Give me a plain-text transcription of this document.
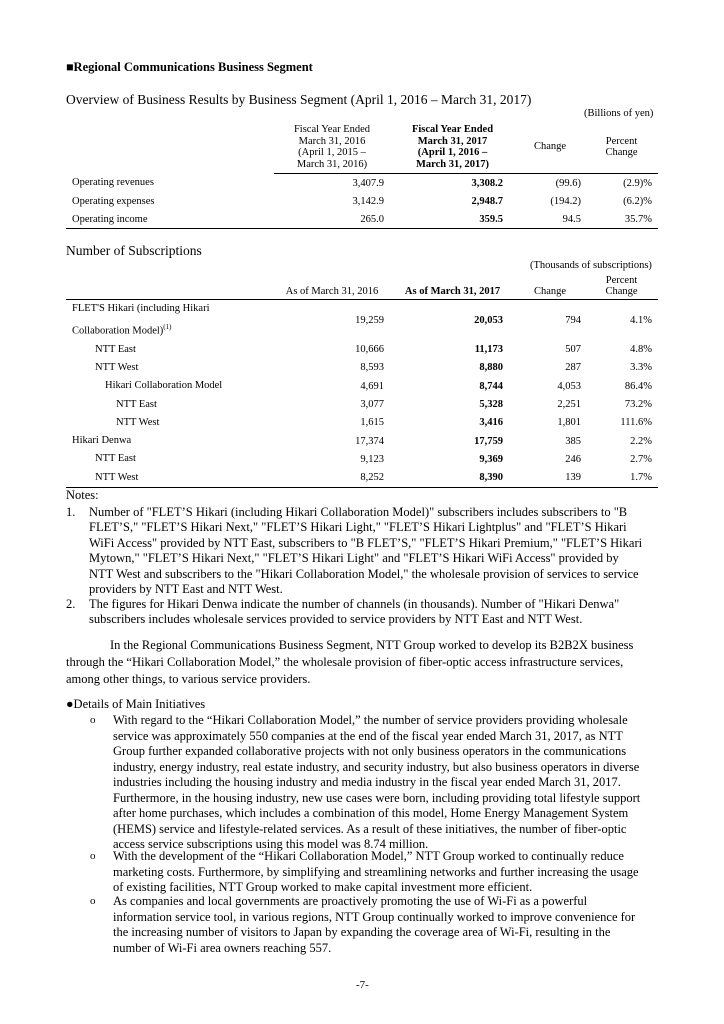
■Regional Communications Business Segment
Overview of Business Results by Business Segment (April 1, 2016 – March 31, 2017)
(Billions of yen)
	Fiscal Year Ended
March 31, 2016
(April 1, 2015 –
March 31, 2016)	Fiscal Year Ended
March 31, 2017
(April 1, 2016 –
March 31, 2017)	Change	Percent
Change
Operating revenues	3,407.9	3,308.2	(99.6)	(2.9)%
Operating expenses	3,142.9	2,948.7	(194.2)	(6.2)%
Operating income	265.0	359.5	94.5	35.7%
Number of Subscriptions
(Thousands of subscriptions)
	As of March 31, 2016	As of March 31, 2017	Change	Percent
Change
FLET'S Hikari (including Hikari
Collaboration Model)$^{(1)}$	19,259	20,053	794	4.1%
NTT East	10,666	11,173	507	4.8%
NTT West	8,593	8,880	287	3.3%
Hikari Collaboration Model	4,691	8,744	4,053	86.4%
NTT East	3,077	5,328	2,251	73.2%
NTT West	1,615	3,416	1,801	111.6%
Hikari Denwa	17,374	17,759	385	2.2%
NTT East	9,123	9,369	246	2.7%
NTT West	8,252	8,390	139	1.7%
Notes:
1. Number of "FLET’S Hikari (including Hikari Collaboration Model)" subscribers includes subscribers to "B
FLET’S," "FLET’S Hikari Next," "FLET’S Hikari Light," "FLET’S Hikari Lightplus" and "FLET’S Hikari
WiFi Access" provided by NTT East, subscribers to "B FLET’S," "FLET’S Hikari Premium," "FLET’S Hikari
Mytown," "FLET’S Hikari Next," "FLET’S Hikari Light" and "FLET’S Hikari WiFi Access" provided by
NTT West and subscribers to the "Hikari Collaboration Model," the wholesale provision of services to service
providers by NTT East and NTT West.
2. The figures for Hikari Denwa indicate the number of channels (in thousands). Number of "Hikari Denwa"
subscribers includes wholesale services provided to service providers by NTT East and NTT West.
In the Regional Communications Business Segment, NTT Group worked to develop its B2B2X business
through the “Hikari Collaboration Model,” the wholesale provision of fiber-optic access infrastructure services,
among other things, to various service providers.
●Details of Main Initiatives
o With regard to the “Hikari Collaboration Model,” the number of service providers providing wholesale
service was approximately 550 companies at the end of the fiscal year ended March 31, 2017, as NTT
Group further expanded collaborative projects with not only business operators in the communications
industry, energy industry, real estate industry, and security industry, but also business operators in diverse
industries including the housing industry and media industry in the fiscal year ended March 31, 2017.
Furthermore, in the housing industry, new use cases were born, including providing total lifestyle support
after home purchases, which includes a combination of this model, Home Energy Management System
(HEMS) service and lifestyle-related services. As a result of these initiatives, the number of fiber-optic
access service subscriptions using this model was 8.74 million.
o With the development of the “Hikari Collaboration Model,” NTT Group worked to continually reduce
marketing costs. Furthermore, by simplifying and streamlining networks and further increasing the usage
of existing facilities, NTT Group worked to make capital investment more efficient.
o As companies and local governments are proactively promoting the use of Wi-Fi as a powerful
information service tool, in various regions, NTT Group continually worked to improve convenience for
the increasing number of visitors to Japan by expanding the coverage area of Wi-Fi, resulting in the
number of Wi-Fi area owners reaching 557.
-7-
